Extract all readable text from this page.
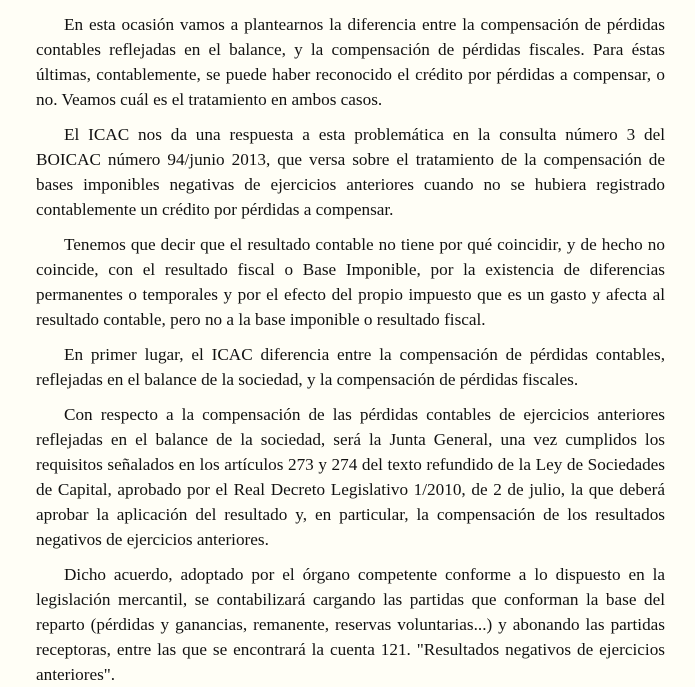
En esta ocasión vamos a plantearnos la diferencia entre la compensación de pérdidas contables reflejadas en el balance, y la compensación de pérdidas fiscales. Para éstas últimas, contablemente, se puede haber reconocido el crédito por pérdidas a compensar, o no. Veamos cuál es el tratamiento en ambos casos.

El ICAC nos da una respuesta a esta problemática en la consulta número 3 del BOICAC número 94/junio 2013, que versa sobre el tratamiento de la compensación de bases imponibles negativas de ejercicios anteriores cuando no se hubiera registrado contablemente un crédito por pérdidas a compensar.

Tenemos que decir que el resultado contable no tiene por qué coincidir, y de hecho no coincide, con el resultado fiscal o Base Imponible, por la existencia de diferencias permanentes o temporales y por el efecto del propio impuesto que es un gasto y afecta al resultado contable, pero no a la base imponible o resultado fiscal.

En primer lugar, el ICAC diferencia entre la compensación de pérdidas contables, reflejadas en el balance de la sociedad, y la compensación de pérdidas fiscales.

Con respecto a la compensación de las pérdidas contables de ejercicios anteriores reflejadas en el balance de la sociedad, será la Junta General, una vez cumplidos los requisitos señalados en los artículos 273 y 274 del texto refundido de la Ley de Sociedades de Capital, aprobado por el Real Decreto Legislativo 1/2010, de 2 de julio, la que deberá aprobar la aplicación del resultado y, en particular, la compensación de los resultados negativos de ejercicios anteriores.

Dicho acuerdo, adoptado por el órgano competente conforme a lo dispuesto en la legislación mercantil, se contabilizará cargando las partidas que conforman la base del reparto (pérdidas y ganancias, remanente, reservas voluntarias...) y abonando las partidas receptoras, entre las que se encontrará la cuenta 121. "Resultados negativos de ejercicios anteriores".
